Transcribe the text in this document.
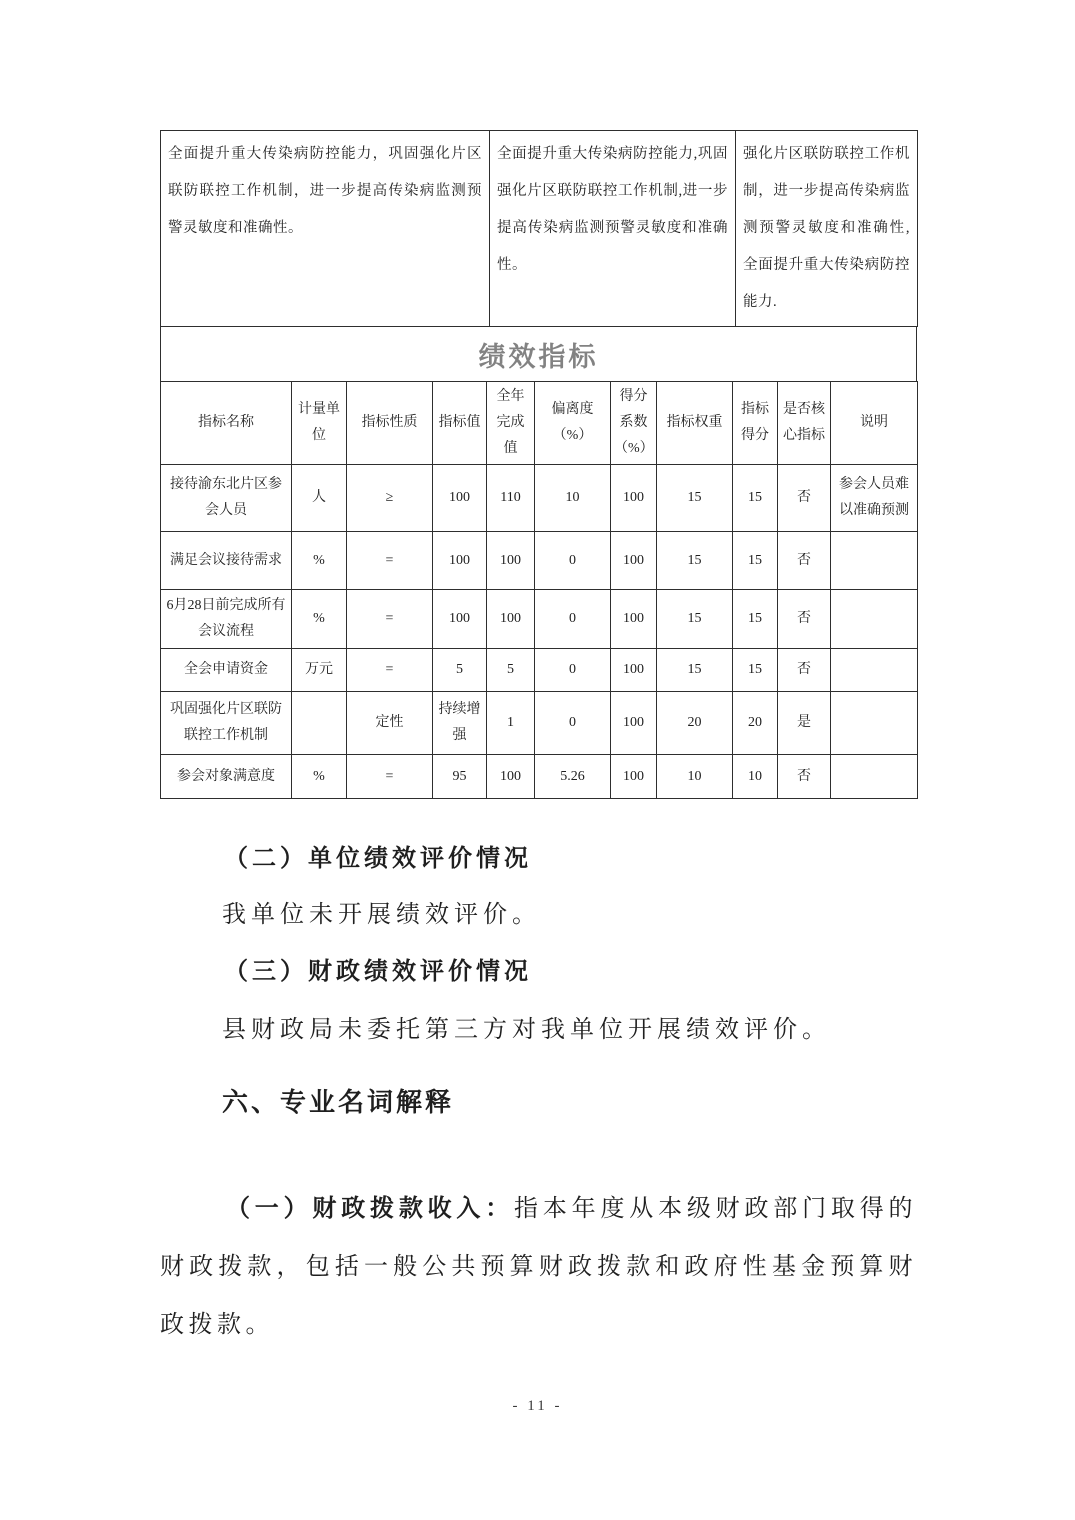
全面提升重大传染病防控能力，巩固强化片区联防联控工作机制，进一步提高传染病监测预警灵敏度和准确性。	全面提升重大传染病防控能力,巩固强化片区联防联控工作机制,进一步提高传染病监测预警灵敏度和准确性。	强化片区联防联控工作机制，进一步提高传染病监测预警灵敏度和准确性,全面提升重大传染病防控能力.
绩效指标
指标名称	计量单位	指标性质	指标值	全年完成值	偏离度（%）	得分系数（%）	指标权重	指标得分	是否核心指标	说明
接待渝东北片区参会人员	人	≥	100	110	10	100	15	15	否	参会人员难以准确预测
满足会议接待需求	%	=	100	100	0	100	15	15	否	
6月28日前完成所有会议流程	%	=	100	100	0	100	15	15	否	
全会申请资金	万元	=	5	5	0	100	15	15	否	
巩固强化片区联防联控工作机制		定性	持续增强	1	0	100	20	20	是	
参会对象满意度	%	=	95	100	5.26	100	10	10	否	
（二）单位绩效评价情况
我单位未开展绩效评价。
（三）财政绩效评价情况
县财政局未委托第三方对我单位开展绩效评价。
六、专业名词解释

（一）财政拨款收入：指本年度从本级财政部门取得的财政拨款，包括一般公共预算财政拨款和政府性基金预算财政拨款。

- 11 -
